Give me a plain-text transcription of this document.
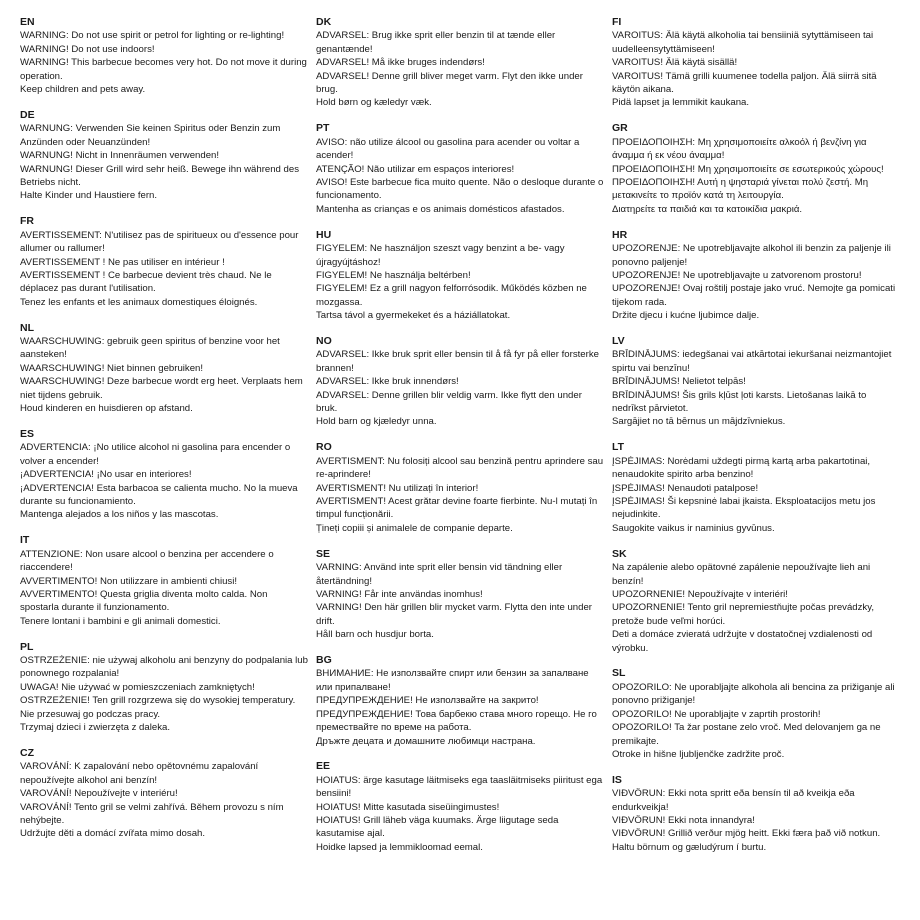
EN
WARNING: Do not use spirit or petrol for lighting or re-lighting!
WARNING! Do not use indoors!
WARNING! This barbecue becomes very hot. Do not move it during operation.
Keep children and pets away.
DE
WARNUNG: Verwenden Sie keinen Spiritus oder Benzin zum Anzünden oder Neuanzünden!
WARNUNG! Nicht in Innenräumen verwenden!
WARNUNG! Dieser Grill wird sehr heiß. Bewege ihn während des Betriebs nicht.
Halte Kinder und Haustiere fern.
FR
AVERTISSEMENT: N'utilisez pas de spiritueux ou d'essence pour allumer ou rallumer!
AVERTISSEMENT ! Ne pas utiliser en intérieur !
AVERTISSEMENT ! Ce barbecue devient très chaud. Ne le déplacez pas durant l'utilisation.
Tenez les enfants et les animaux domestiques éloignés.
NL
WAARSCHUWING: gebruik geen spiritus of benzine voor het aansteken!
WAARSCHUWING! Niet binnen gebruiken!
WAARSCHUWING! Deze barbecue wordt erg heet. Verplaats hem niet tijdens gebruik.
Houd kinderen en huisdieren op afstand.
ES
ADVERTENCIA: ¡No utilice alcohol ni gasolina para encender o volver a encender!
¡ADVERTENCIA! ¡No usar en interiores!
¡ADVERTENCIA! Esta barbacoa se calienta mucho. No la mueva durante su funcionamiento.
Mantenga alejados a los niños y las mascotas.
IT
ATTENZIONE: Non usare alcool o benzina per accendere o riaccendere!
AVVERTIMENTO! Non utilizzare in ambienti chiusi!
AVVERTIMENTO! Questa griglia diventa molto calda. Non spostarla durante il funzionamento.
Tenere lontani i bambini e gli animali domestici.
PL
OSTRZEŻENIE: nie używaj alkoholu ani benzyny do podpalania lub ponownego rozpalania!
UWAGA! Nie używać w pomieszczeniach zamkniętych!
OSTRZEŻENIE! Ten grill rozgrzewa się do wysokiej temperatury. Nie przesuwaj go podczas pracy.
Trzymaj dzieci i zwierzęta z daleka.
CZ
VAROVÁNÍ: K zapalování nebo opětovnému zapalování nepoužívejte alkohol ani benzín!
VAROVÁNÍ! Nepoužívejte v interiéru!
VAROVÁNÍ! Tento gril se velmi zahřívá. Během provozu s ním nehýbejte.
Udržujte děti a domácí zvířata mimo dosah.
DK
ADVARSEL: Brug ikke sprit eller benzin til at tænde eller genantænde!
ADVARSEL! Må ikke bruges indendørs!
ADVARSEL! Denne grill bliver meget varm. Flyt den ikke under brug.
Hold børn og kæledyr væk.
PT
AVISO: não utilize álcool ou gasolina para acender ou voltar a acender!
ATENÇÃO! Não utilizar em espaços interiores!
AVISO! Este barbecue fica muito quente. Não o desloque durante o funcionamento.
Mantenha as crianças e os animais domésticos afastados.
HU
FIGYELEM: Ne használjon szeszt vagy benzint a be- vagy újragyújtáshoz!
FIGYELEM! Ne használja beltérben!
FIGYELEM! Ez a grill nagyon felforrósodik. Működés közben ne mozgassa.
Tartsa távol a gyermekeket és a háziállatokat.
NO
ADVARSEL: Ikke bruk sprit eller bensin til å få fyr på eller forsterke brannen!
ADVARSEL: Ikke bruk innendørs!
ADVARSEL: Denne grillen blir veldig varm. Ikke flytt den under bruk.
Hold barn og kjæledyr unna.
RO
AVERTISMENT: Nu folosiți alcool sau benzină pentru aprindere sau re-aprindere!
AVERTISMENT! Nu utilizați în interior!
AVERTISMENT! Acest grătar devine foarte fierbinte. Nu-l mutați în timpul funcționării.
Țineți copiii și animalele de companie departe.
SE
VARNING: Använd inte sprit eller bensin vid tändning eller återtändning!
VARNING! Får inte användas inomhus!
VARNING! Den här grillen blir mycket varm. Flytta den inte under drift.
Håll barn och husdjur borta.
BG
ВНИМАНИЕ: Не използвайте спирт или бензин за запалване или припалване!
ПРЕДУПРЕЖДЕНИЕ! Не използвайте на закрито!
ПРЕДУПРЕЖДЕНИЕ! Това барбекю става много горещо. Не го премествайте по време на работа.
Дръжте децата и домашните любимци настрана.
EE
HOIATUS: ärge kasutage läitmiseks ega taasläitmiseks piiritust ega bensiini!
HOIATUS! Mitte kasutada siseüingimustes!
HOIATUS! Grill läheb väga kuumaks. Ärge liigutage seda kasutamise ajal.
Hoidke lapsed ja lemmikloomad eemal.
FI
VAROITUS: Älä käytä alkoholia tai bensiiniä sytyttämiseen tai uudelleensytyttämiseen!
VAROITUS! Älä käytä sisällä!
VAROITUS! Tämä grilli kuumenee todella paljon. Älä siirrä sitä käytön aikana.
Pidä lapset ja lemmikit kaukana.
GR
ΠΡΟΕΙΔΟΠΟΙΗΣΗ: Μη χρησιμοποιείτε αλκοόλ ή βενζίνη για άναμμα ή εκ νέου άναμμα!
ΠΡΟΕΙΔΟΠΟΙΗΣΗ! Μη χρησιμοποιείτε σε εσωτερικούς χώρους!
ΠΡΟΕΙΔΟΠΟΙΗΣΗ! Αυτή η ψησταριά γίνεται πολύ ζεστή. Μη μετακινείτε το προϊόν κατά τη λειτουργία.
Διατηρείτε τα παιδιά και τα κατοικίδια μακριά.
HR
UPOZORENJE: Ne upotrebljavajte alkohol ili benzin za paljenje ili ponovno paljenje!
UPOZORENJE! Ne upotrebljavajte u zatvorenom prostoru!
UPOZORENJE! Ovaj roštilj postaje jako vruć. Nemojte ga pomicati tijekom rada.
Držite djecu i kućne ljubimce dalje.
LV
BRĪDINĀJUMS: iedegšanai vai atkārtotai iekuršanai neizmantojiet spirtu vai benzīnu!
BRĪDINĀJUMS! Nelietot telpās!
BRĪDINĀJUMS! Šis grils kļūst ļoti karsts. Lietošanas laikā to nedrīkst pārvietot.
Sargājiet no tā bērnus un mājdzīvniekus.
LT
ĮSPĖJIMAS: Norėdami uždegti pirmą kartą arba pakartotinai, nenaudokite spirito arba benzino!
ĮSPĖJIMAS! Nenaudoti patalpose!
ĮSPĖJIMAS! Ši kepsninė labai įkaista. Eksploatacijos metu jos nejudinkite.
Saugokite vaikus ir naminius gyvūnus.
SK
Na zapálenie alebo opätovné zapálenie nepoužívajte lieh ani benzín!
UPOZORNENIE! Nepoužívajte v interiéri!
UPOZORNENIE! Tento gril nepremiestňujte počas prevádzky, pretože bude veľmi horúci.
Deti a domáce zvieratá udržujte v dostatočnej vzdialenosti od výrobku.
SL
OPOZORILO: Ne uporabljajte alkohola ali bencina za prižiganje ali ponovno prižiganje!
OPOZORILO! Ne uporabljajte v zaprtih prostorih!
OPOZORILO! Ta žar postane zelo vroč. Med delovanjem ga ne premikajte.
Otroke in hišne ljubljenčke zadržite proč.
IS
VIÐVÖRUN: Ekki nota spritt eða bensín til að kveikja eða endurkveikja!
VIÐVÖRUN! Ekki nota innandyra!
VIÐVÖRUN! Grillið verður mjög heitt. Ekki færa það við notkun.
Haltu börnum og gæludýrum í burtu.
